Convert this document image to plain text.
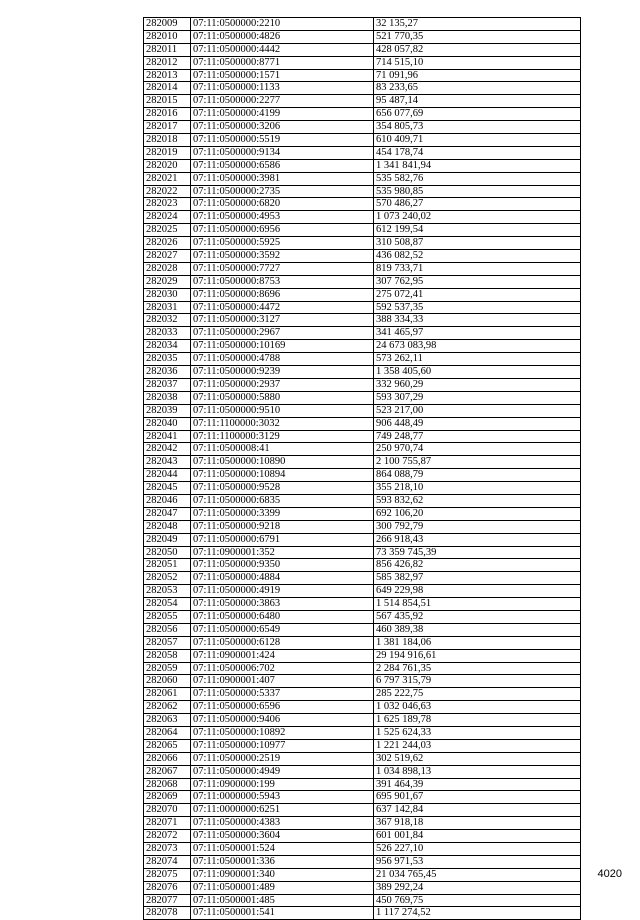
282009	07:11:0500000:2210	32 135,27
282010	07:11:0500000:4826	521 770,35
282011	07:11:0500000:4442	428 057,82
282012	07:11:0500000:8771	714 515,10
282013	07:11:0500000:1571	71 091,96
282014	07:11:0500000:1133	83 233,65
282015	07:11:0500000:2277	95 487,14
282016	07:11:0500000:4199	656 077,69
282017	07:11:0500000:3206	354 805,73
282018	07:11:0500000:5519	610 409,71
282019	07:11:0500000:9134	454 178,74
282020	07:11:0500000:6586	1 341 841,94
282021	07:11:0500000:3981	535 582,76
282022	07:11:0500000:2735	535 980,85
282023	07:11:0500000:6820	570 486,27
282024	07:11:0500000:4953	1 073 240,02
282025	07:11:0500000:6956	612 199,54
282026	07:11:0500000:5925	310 508,87
282027	07:11:0500000:3592	436 082,52
282028	07:11:0500000:7727	819 733,71
282029	07:11:0500000:8753	307 762,95
282030	07:11:0500000:8696	275 072,41
282031	07:11:0500000:4472	592 537,35
282032	07:11:0500000:3127	388 334,33
282033	07:11:0500000:2967	341 465,97
282034	07:11:0500000:10169	24 673 083,98
282035	07:11:0500000:4788	573 262,11
282036	07:11:0500000:9239	1 358 405,60
282037	07:11:0500000:2937	332 960,29
282038	07:11:0500000:5880	593 307,29
282039	07:11:0500000:9510	523 217,00
282040	07:11:1100000:3032	906 448,49
282041	07:11:1100000:3129	749 248,77
282042	07:11:0500008:41	250 970,74
282043	07:11:0500000:10890	2 100 755,87
282044	07:11:0500000:10894	864 088,79
282045	07:11:0500000:9528	355 218,10
282046	07:11:0500000:6835	593 832,62
282047	07:11:0500000:3399	692 106,20
282048	07:11:0500000:9218	300 792,79
282049	07:11:0500000:6791	266 918,43
282050	07:11:0900001:352	73 359 745,39
282051	07:11:0500000:9350	856 426,82
282052	07:11:0500000:4884	585 382,97
282053	07:11:0500000:4919	649 229,98
282054	07:11:0500000:3863	1 514 854,51
282055	07:11:0500000:6480	567 435,92
282056	07:11:0500000:6549	460 389,38
282057	07:11:0500000:6128	1 381 184,06
282058	07:11:0900001:424	29 194 916,61
282059	07:11:0500006:702	2 284 761,35
282060	07:11:0900001:407	6 797 315,79
282061	07:11:0500000:5337	285 222,75
282062	07:11:0500000:6596	1 032 046,63
282063	07:11:0500000:9406	1 625 189,78
282064	07:11:0500000:10892	1 525 624,33
282065	07:11:0500000:10977	1 221 244,03
282066	07:11:0500000:2519	302 519,62
282067	07:11:0500000:4949	1 034 898,13
282068	07:11:0900000:199	391 464,39
282069	07:11:0000000:5943	695 901,67
282070	07:11:0000000:6251	637 142,84
282071	07:11:0500000:4383	367 918,18
282072	07:11:0500000:3604	601 001,84
282073	07:11:0500001:524	526 227,10
282074	07:11:0500001:336	956 971,53
282075	07:11:0900001:340	21 034 765,45
282076	07:11:0500001:489	389 292,24
282077	07:11:0500001:485	450 769,75
282078	07:11:0500001:541	1 117 274,52
4020
